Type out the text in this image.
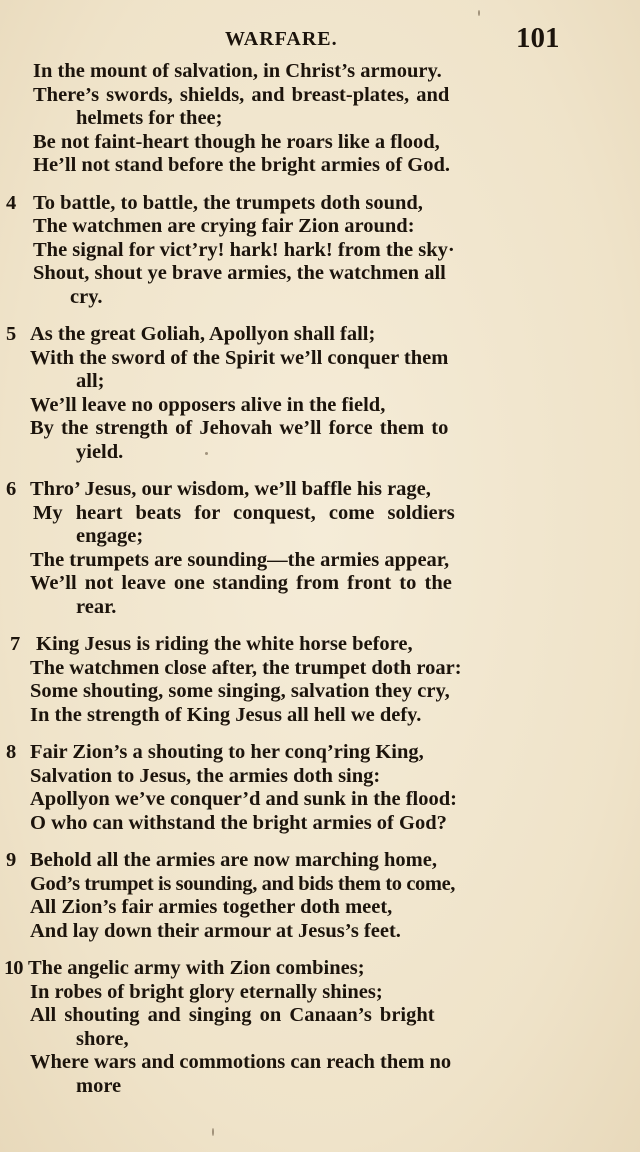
WARFARE.	101
In the mount of salvation, in Christ’s armoury.
There’s swords, shields, and breast-plates, and
helmets for thee;
Be not faint-heart though he roars like a flood,
He’ll not stand before the bright armies of God.
4 To battle, to battle, the trumpets doth sound,
The watchmen are crying fair Zion around:
The signal for vict’ry! hark! hark! from the sky·
Shout, shout ye brave armies, the watchmen all
cry.
5 As the great Goliah, Apollyon shall fall;
With the sword of the Spirit we’ll conquer them
all;
We’ll leave no opposers alive in the field,
By the strength of Jehovah we’ll force them to
yield.
6 Thro’ Jesus, our wisdom, we’ll baffle his rage,
My heart beats for conquest, come soldiers
engage;
The trumpets are sounding—the armies appear,
We’ll not leave one standing from front to the
rear.
7 King Jesus is riding the white horse before,
The watchmen close after, the trumpet doth roar:
Some shouting, some singing, salvation they cry,
In the strength of King Jesus all hell we defy.
8 Fair Zion’s a shouting to her conq’ring King,
Salvation to Jesus, the armies doth sing:
Apollyon we’ve conquer’d and sunk in the flood:
O who can withstand the bright armies of God?
9 Behold all the armies are now marching home,
God’s trumpet is sounding, and bids them to come,
All Zion’s fair armies together doth meet,
And lay down their armour at Jesus’s feet.
10 The angelic army with Zion combines;
In robes of bright glory eternally shines;
All shouting and singing on Canaan’s bright
shore,
Where wars and commotions can reach them no
more
